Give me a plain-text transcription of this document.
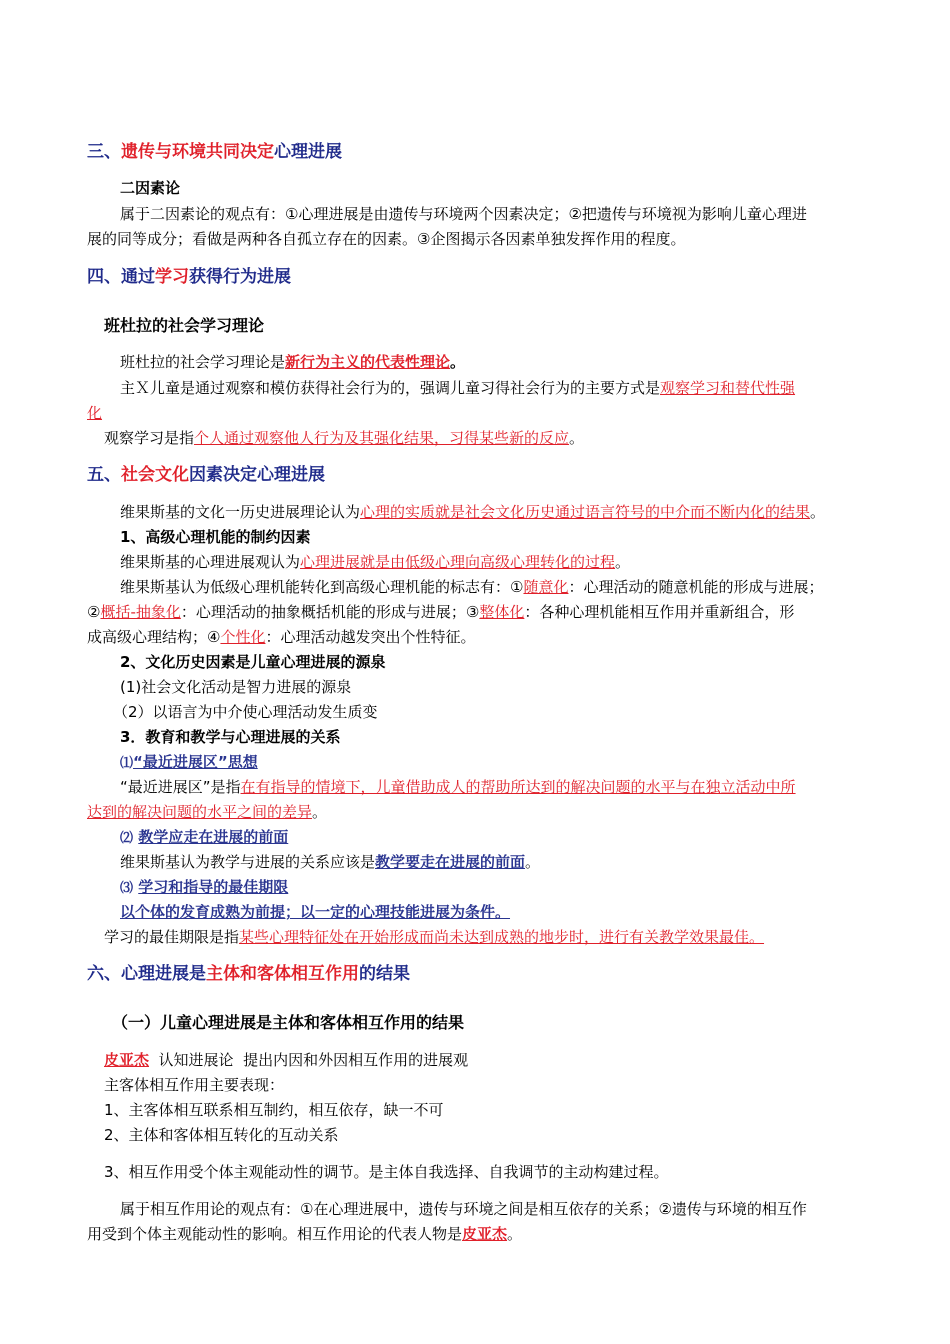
三、遗传与环境共同决定心理进展
二因素论
属于二因素论的观点有：①心理进展是由遗传与环境两个因素决定；②把遗传与环境视为影响儿童心理进
展的同等成分；看做是两种各自孤立存在的因素。③企图揭示各因素单独发挥作用的程度。
四、通过学习获得行为进展
班杜拉的社会学习理论
班杜拉的社会学习理论是新行为主义的代表性理论。
主Ｘ儿童是通过观察和模仿获得社会行为的，强调儿童习得社会行为的主要方式是观察学习和替代性强
化
观察学习是指个人通过观察他人行为及其强化结果，习得某些新的反应。
五、社会文化因素决定心理进展
维果斯基的文化一历史进展理论认为心理的实质就是社会文化历史通过语言符号的中介而不断内化的结果。
1、高级心理机能的制约因素
维果斯基的心理进展观认为心理进展就是由低级心理向高级心理转化的过程。
维果斯基认为低级心理机能转化到高级心理机能的标志有：①随意化：心理活动的随意机能的形成与进展；
②概括-抽象化：心理活动的抽象概括机能的形成与进展；③整体化：各种心理机能相互作用并重新组合，形
成高级心理结构；④个性化：心理活动越发突出个性特征。
2、文化历史因素是儿童心理进展的源泉
(1)社会文化活动是智力进展的源泉
（2）以语言为中介使心理活动发生质变
3．教育和教学与心理进展的关系
⑴“最近进展区”思想
“最近进展区”是指在有指导的情境下，儿童借助成人的帮助所达到的解决问题的水平与在独立活动中所
达到的解决问题的水平之间的差异。
⑵ 教学应走在进展的前面
维果斯基认为教学与进展的关系应该是教学要走在进展的前面。
⑶ 学习和指导的最佳期限
以个体的发育成熟为前提；以一定的心理技能进展为条件。
学习的最佳期限是指某些心理特征处在开始形成而尚未达到成熟的地步时，进行有关教学效果最佳。
六、心理进展是主体和客体相互作用的结果
（一）儿童心理进展是主体和客体相互作用的结果
皮亚杰  认知进展论  提出内因和外因相互作用的进展观
主客体相互作用主要表现：
1、主客体相互联系相互制约，相互依存，缺一不可
2、主体和客体相互转化的互动关系
3、相互作用受个体主观能动性的调节。是主体自我选择、自我调节的主动构建过程。
属于相互作用论的观点有：①在心理进展中，遗传与环境之间是相互依存的关系；②遗传与环境的相互作
用受到个体主观能动性的影响。相互作用论的代表人物是皮亚杰。
